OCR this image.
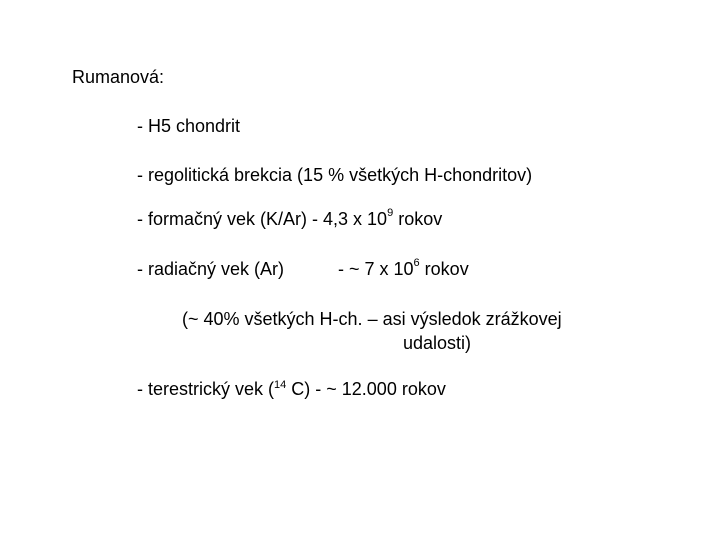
Rumanová:
- H5 chondrit
- regolitická brekcia (15 % všetkých H-chondritov)
- formačný vek (K/Ar) - 4,3 x $10^9$ rokov
- radiačný vek (Ar)	- ~ 7 x $10^6$ rokov
(~ 40% všetkých H-ch. – asi výsledok zrážkovej
udalosti)
- terestrický vek ($^{14}$ C) - ~ 12.000 rokov
